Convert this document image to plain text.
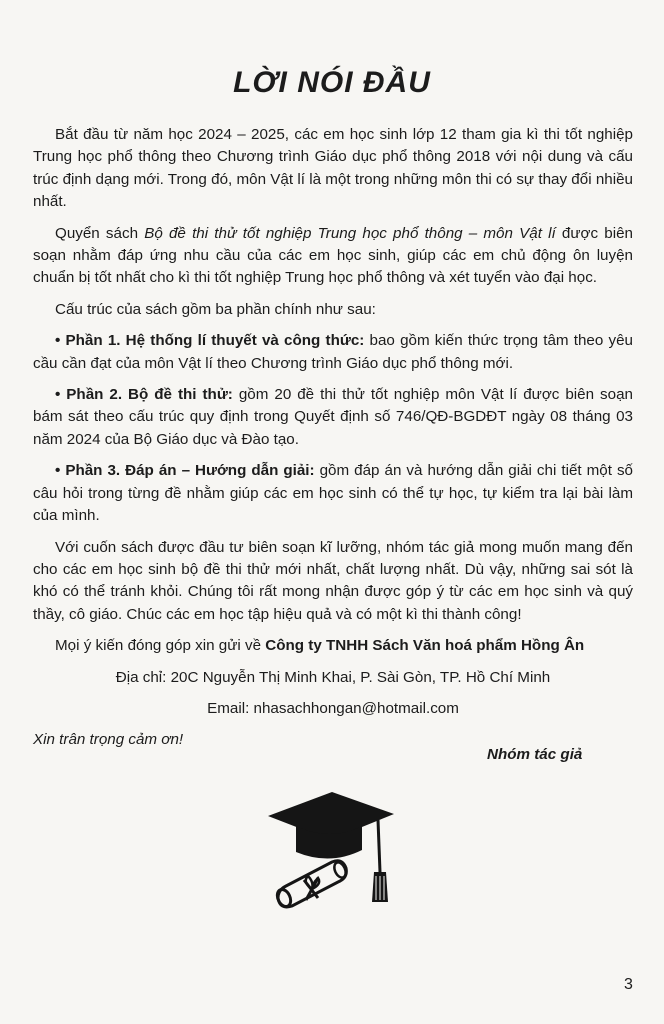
LỜI NÓI ĐẦU

Bắt đầu từ năm học 2024 – 2025, các em học sinh lớp 12 tham gia kì thi tốt nghiệp Trung học phổ thông theo Chương trình Giáo dục phổ thông 2018 với nội dung và cấu trúc định dạng mới. Trong đó, môn Vật lí là một trong những môn thi có sự thay đổi nhiều nhất.

Quyển sách Bộ đề thi thử tốt nghiệp Trung học phổ thông – môn Vật lí được biên soạn nhằm đáp ứng nhu cầu của các em học sinh, giúp các em chủ động ôn luyện chuẩn bị tốt nhất cho kì thi tốt nghiệp Trung học phổ thông và xét tuyển vào đại học.

Cấu trúc của sách gồm ba phần chính như sau:

• Phần 1. Hệ thống lí thuyết và công thức: bao gồm kiến thức trọng tâm theo yêu cầu cần đạt của môn Vật lí theo Chương trình Giáo dục phổ thông mới.

• Phần 2. Bộ đề thi thử: gồm 20 đề thi thử tốt nghiệp môn Vật lí được biên soạn bám sát theo cấu trúc quy định trong Quyết định số 746/QĐ-BGDĐT ngày 08 tháng 03 năm 2024 của Bộ Giáo dục và Đào tạo.

• Phần 3. Đáp án – Hướng dẫn giải: gồm đáp án và hướng dẫn giải chi tiết một số câu hỏi trong từng đề nhằm giúp các em học sinh có thể tự học, tự kiểm tra lại bài làm của mình.

Với cuốn sách được đầu tư biên soạn kĩ lưỡng, nhóm tác giả mong muốn mang đến cho các em học sinh bộ đề thi thử mới nhất, chất lượng nhất. Dù vậy, những sai sót là khó có thể tránh khỏi. Chúng tôi rất mong nhận được góp ý từ các em học sinh và quý thầy, cô giáo. Chúc các em học tập hiệu quả và có một kì thi thành công!

Mọi ý kiến đóng góp xin gửi về Công ty TNHH Sách Văn hoá phẩm Hồng Ân

Địa chỉ: 20C Nguyễn Thị Minh Khai, P. Sài Gòn, TP. Hồ Chí Minh

Email: nhasachhongan@hotmail.com

Xin trân trọng cảm ơn!

Nhóm tác giả
3
